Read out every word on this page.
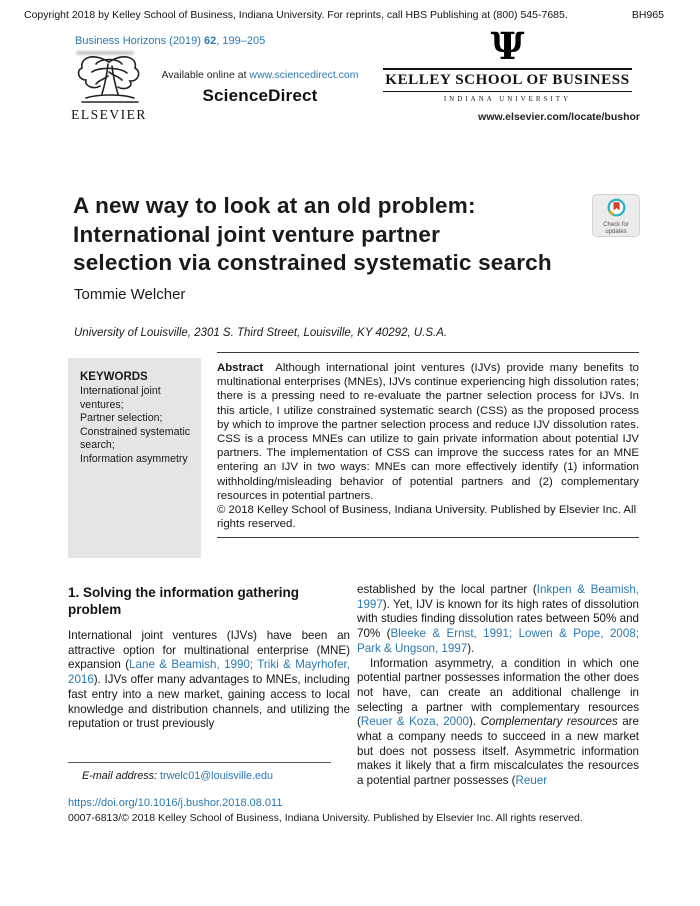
Copyright 2018 by Kelley School of Business, Indiana University. For reprints, call HBS Publishing at (800) 545-7685.	BH965
Business Horizons (2019) 62, 199–205
ELSEVIER
Available online at www.sciencedirect.com
ScienceDirect
Ψ
KELLEY SCHOOL OF BUSINESS
INDIANA UNIVERSITY
www.elsevier.com/locate/bushor
A new way to look at an old problem:
International joint venture partner
selection via constrained systematic search
Check for
updates
Tommie Welcher
University of Louisville, 2301 S. Third Street, Louisville, KY 40292, U.S.A.
KEYWORDS
International joint
ventures;
Partner selection;
Constrained systematic
search;
Information asymmetry
Abstract Although international joint ventures (IJVs) provide many benefits to multinational enterprises (MNEs), IJVs continue experiencing high dissolution rates; there is a pressing need to re-evaluate the partner selection process for IJVs. In this article, I utilize constrained systematic search (CSS) as the proposed process by which to improve the partner selection process and reduce IJV dissolution rates. CSS is a process MNEs can utilize to gain private information about potential IJV partners. The implementation of CSS can improve the success rates for an MNE entering an IJV in two ways: MNEs can more effectively identify (1) information withholding/misleading behavior of potential partners and (2) complementary resources in potential partners.
© 2018 Kelley School of Business, Indiana University. Published by Elsevier Inc. All rights reserved.
1. Solving the information gathering problem
International joint ventures (IJVs) have been an attractive option for multinational enterprise (MNE) expansion (Lane & Beamish, 1990; Triki & Mayrhofer, 2016). IJVs offer many advantages to MNEs, including fast entry into a new market, gaining access to local knowledge and distribution channels, and utilizing the reputation or trust previously
established by the local partner (Inkpen & Beamish, 1997). Yet, IJV is known for its high rates of dissolution with studies finding dissolution rates between 50% and 70% (Bleeke & Ernst, 1991; Lowen & Pope, 2008; Park & Ungson, 1997).
Information asymmetry, a condition in which one potential partner possesses information the other does not have, can create an additional challenge in selecting a partner with complementary resources (Reuer & Koza, 2000). Complementary resources are what a company needs to succeed in a new market but does not possess itself. Asymmetric information makes it likely that a firm miscalculates the resources a potential partner possesses (Reuer
E-mail address: trwelc01@louisville.edu
https://doi.org/10.1016/j.bushor.2018.08.011
0007-6813/© 2018 Kelley School of Business, Indiana University. Published by Elsevier Inc. All rights reserved.
